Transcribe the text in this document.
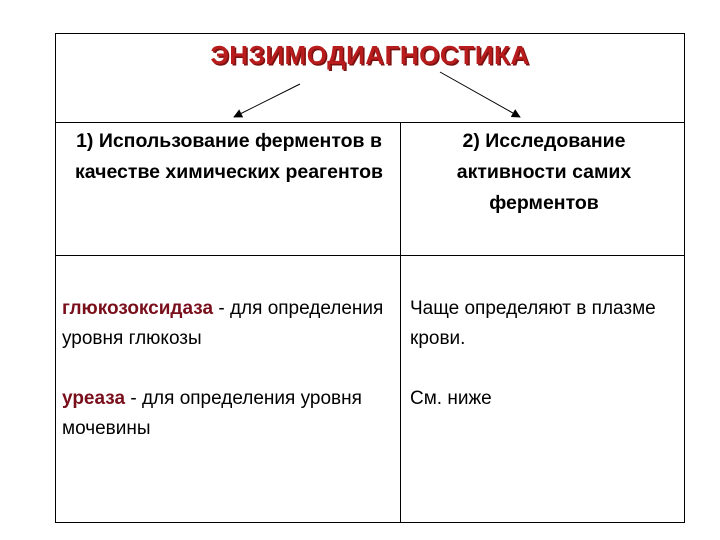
ЭНЗИМОДИАГНОСТИКА
1) Использование ферментов в качестве химических реагентов
2) Исследование активности самих ферментов
глюкозоксидаза - для определения уровня глюкозы
уреаза - для определения уровня мочевины
Чаще определяют в плазме крови.
См. ниже
